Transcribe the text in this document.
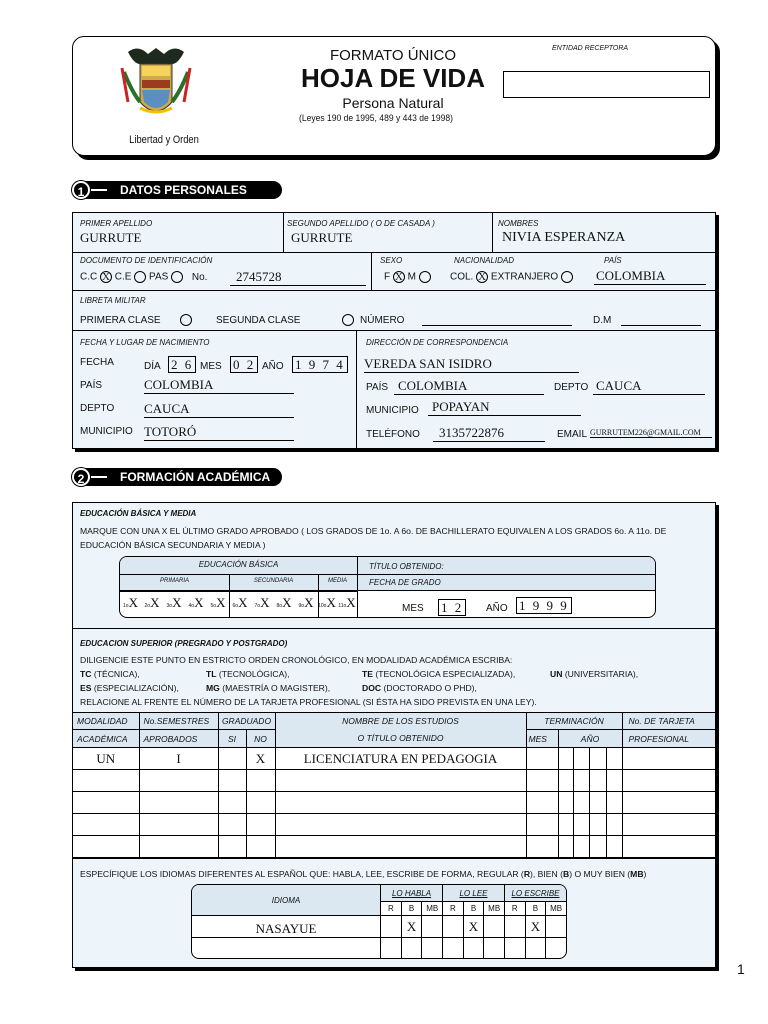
Libertad y Orden
FORMATO ÚNICO
HOJA DE VIDA
Persona Natural
(Leyes 190 de 1995, 489 y 443 de 1998)
ENTIDAD RECEPTORA
DATOS PERSONALES
1
PRIMER APELLIDO
GURRUTE
SEGUNDO APELLIDO ( O DE CASADA )
GURRUTE
NOMBRES
NIVIA ESPERANZA
DOCUMENTO DE IDENTIFICACIÓN
C.C X C.E PAS No.	2745728
SEXO
F X M
NACIONALIDAD
COL. X EXTRANJERO
PAÍS
COLOMBIA
LIBRETA MILITAR
PRIMERA CLASE
	SEGUNDA CLASE	NÚMERO	D.M
FECHA Y LUGAR DE NACIMIENTO
FECHA	DÍA 2 6 MES 0 2 AÑO 1 9 7 4
PAÍS	COLOMBIA
DEPTO CAUCA
MUNICIPIO TOTORÓ
DIRECCIÓN DE CORRESPONDENCIA
VEREDA SAN ISIDRO
PAÍS COLOMBIA	DEPTO CAUCA
MUNICIPIO	POPAYAN
TELÉFONO	3135722876	EMAIL GURRUTEM226@GMAIL.COM
FORMACIÓN ACADÉMICA
2
EDUCACIÓN BÁSICA Y MEDIA
MARQUE CON UNA X EL ÚLTIMO GRADO APROBADO ( LOS GRADOS DE 1o. A 6o. DE BACHILLERATO EQUIVALEN A LOS GRADOS 6o. A 11o. DE EDUCACIÓN BÁSICA SECUNDARIA Y MEDIA )
EDUCACIÓN BÁSICA
PRIMARIA	SECUNDARIA	MEDIA
1oX	2oX	3oX	4oX	5oX	6oX	7oX	8oX	9oX 10oX 11oX
TÍTULO OBTENIDO:
FECHA DE GRADO
MES 1 2	AÑO 1 9 9 9
EDUCACION SUPERIOR (PREGRADO Y POSTGRADO)
DILIGENCIE ESTE PUNTO EN ESTRICTO ORDEN CRONOLÓGICO, EN MODALIDAD ACADÉMICA ESCRIBA:
TC (TÉCNICA),	TL (TECNOLÓGICA),	TE (TECNOLÓGICA ESPECIALIZADA),	UN (UNIVERSITARIA),
ES (ESPECIALIZACIÓN),	MG (MAESTRÍA O MAGISTER),	DOC (DOCTORADO O PHD),
RELACIONE AL FRENTE EL NÚMERO DE LA TARJETA PROFESIONAL (SI ÉSTA HA SIDO PREVISTA EN UNA LEY).
MODALIDAD	No.SEMESTRES	GRADUADO		NOMBRE DE LOS ESTUDIOS	TERMINACIÓN					No. DE TARJETA
ACADÉMICA	APROBADOS	SI	NO	O TÍTULO OBTENIDO	MES	AÑO				PROFESIONAL
UN	I		X	LICENCIATURA EN PEDAGOGIA						

ESPECÍFIQUE LOS IDIOMAS DIFERENTES AL ESPAÑOL QUE: HABLA, LEE, ESCRIBE DE FORMA, REGULAR (R), BIEN (B) O MUY BIEN (MB)
IDIOMA	LO HABLA			LO LEE			LO ESCRIBE		
	R	B	MB	R	B	MB	R	B	MB
NASAYUE		X			X			X	

1
